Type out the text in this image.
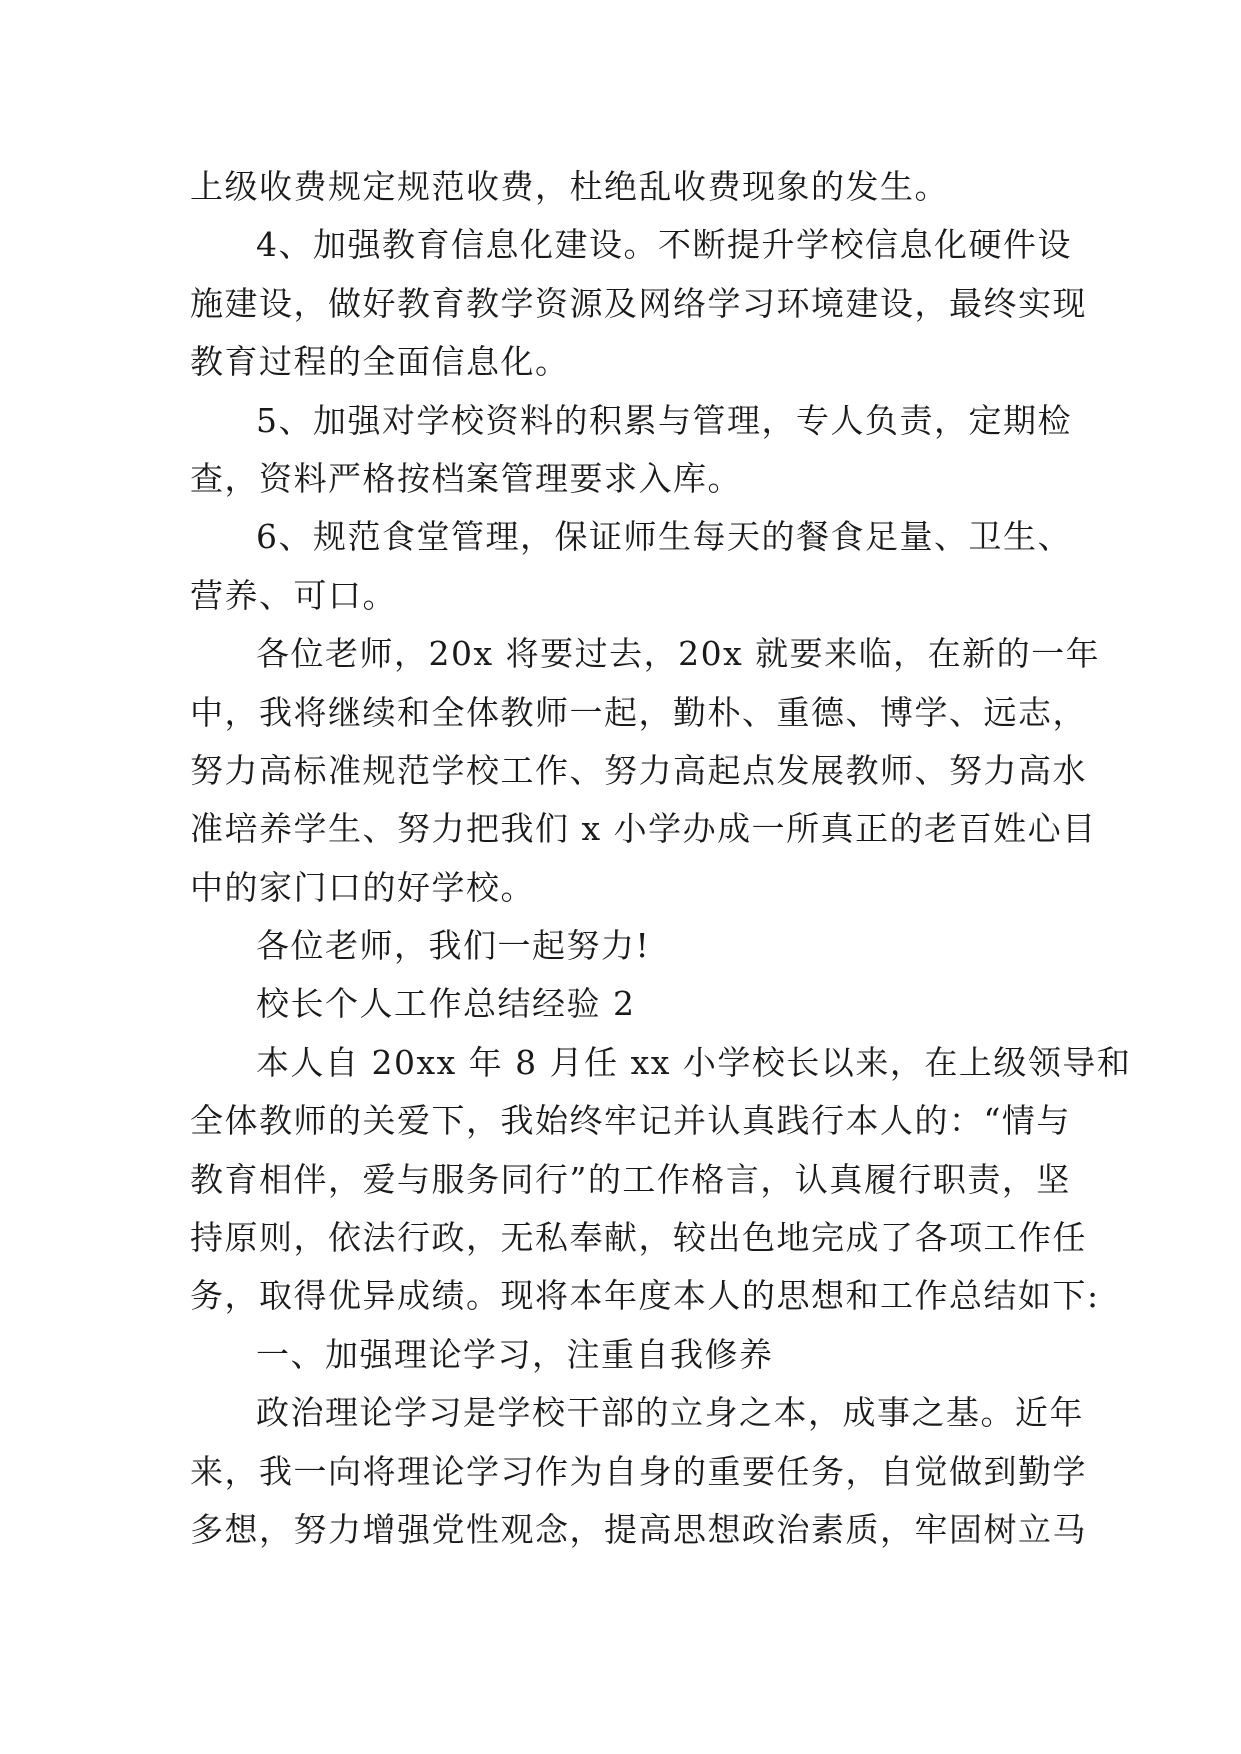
上级收费规定规范收费，杜绝乱收费现象的发生。
4、加强教育信息化建设。不断提升学校信息化硬件设
施建设，做好教育教学资源及网络学习环境建设，最终实现
教育过程的全面信息化。
5、加强对学校资料的积累与管理，专人负责，定期检
查，资料严格按档案管理要求入库。
6、规范食堂管理，保证师生每天的餐食足量、卫生、
营养、可口。
各位老师，20x 将要过去，20x 就要来临，在新的一年
中，我将继续和全体教师一起，勤朴、重德、博学、远志，
努力高标准规范学校工作、努力高起点发展教师、努力高水
准培养学生、努力把我们 x 小学办成一所真正的老百姓心目
中的家门口的好学校。
各位老师，我们一起努力!
校长个人工作总结经验 2
本人自 20xx 年 8 月任 xx 小学校长以来，在上级领导和
全体教师的关爱下，我始终牢记并认真践行本人的：“情与
教育相伴，爱与服务同行”的工作格言，认真履行职责，坚
持原则，依法行政，无私奉献，较出色地完成了各项工作任
务，取得优异成绩。现将本年度本人的思想和工作总结如下:
一、加强理论学习，注重自我修养
政治理论学习是学校干部的立身之本，成事之基。近年
来，我一向将理论学习作为自身的重要任务，自觉做到勤学
多想，努力增强党性观念，提高思想政治素质，牢固树立马
